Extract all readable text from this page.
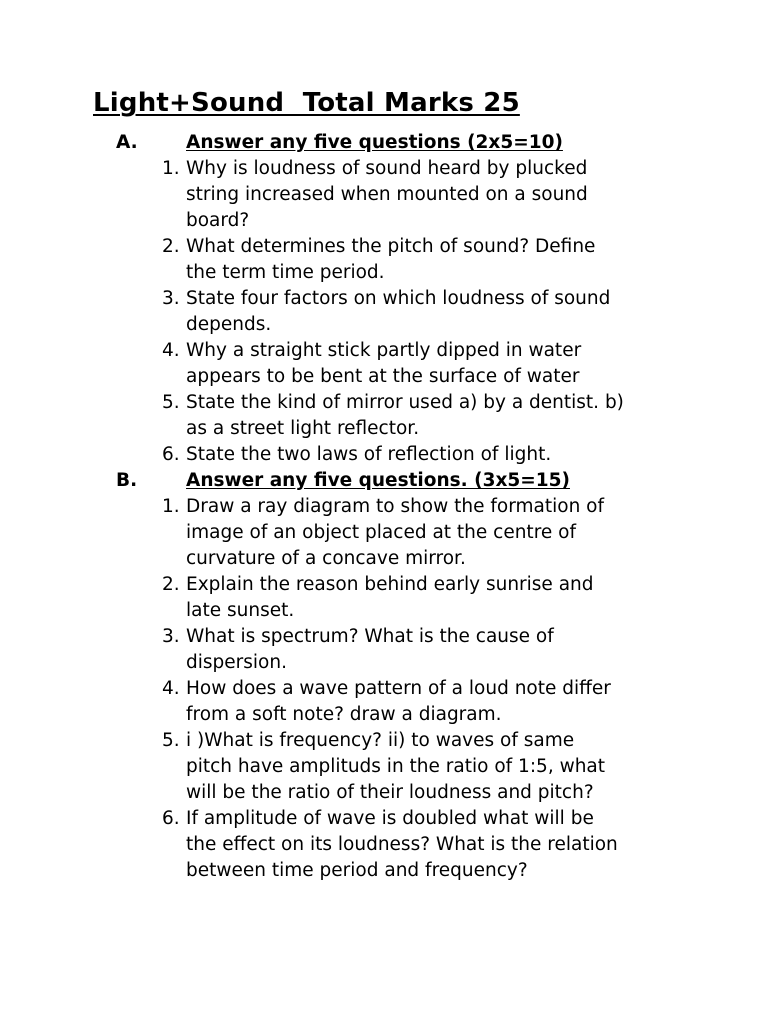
Light+Sound  Total Marks 25
A.	Answer any five questions (2x5=10)
1. Why is loudness of sound heard by plucked
string increased when mounted on a sound
board?
2. What determines the pitch of sound? Define
the term time period.
3. State four factors on which loudness of sound
depends.
4. Why a straight stick partly dipped in water
appears to be bent at the surface of water
5. State the kind of mirror used a) by a dentist. b)
as a street light reflector.
6. State the two laws of reflection of light.
B.	Answer any five questions. (3x5=15)
1. Draw a ray diagram to show the formation of
image of an object placed at the centre of
curvature of a concave mirror.
2. Explain the reason behind early sunrise and
late sunset.
3. What is spectrum? What is the cause of
dispersion.
4. How does a wave pattern of a loud note differ
from a soft note? draw a diagram.
5. i )What is frequency? ii) to waves of same
pitch have amplituds in the ratio of 1:5, what
will be the ratio of their loudness and pitch?
6. If amplitude of wave is doubled what will be
the effect on its loudness? What is the relation
between time period and frequency?
